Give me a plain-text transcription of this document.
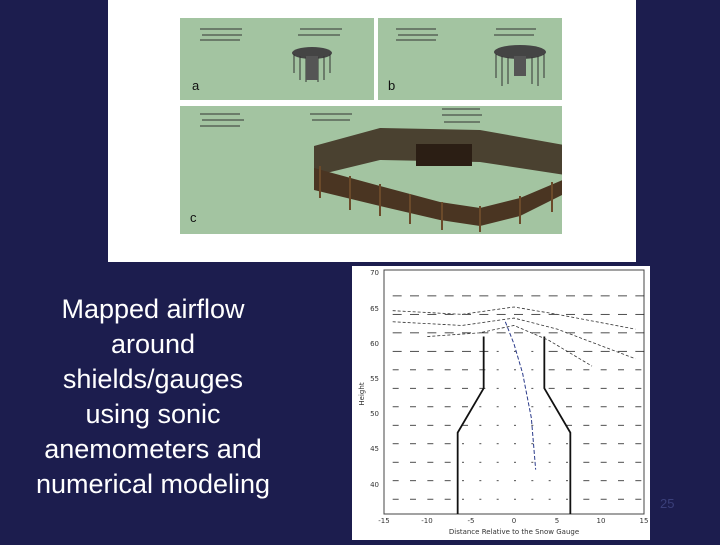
a	b
c
Mapped airflow
around
shields/gauges
using sonic
anemometers and
numerical modeling
70
65
60
55
50
45
40
-15	-10	-5	0	5	10	15
Height
Distance Relative to the Snow Gauge
25
